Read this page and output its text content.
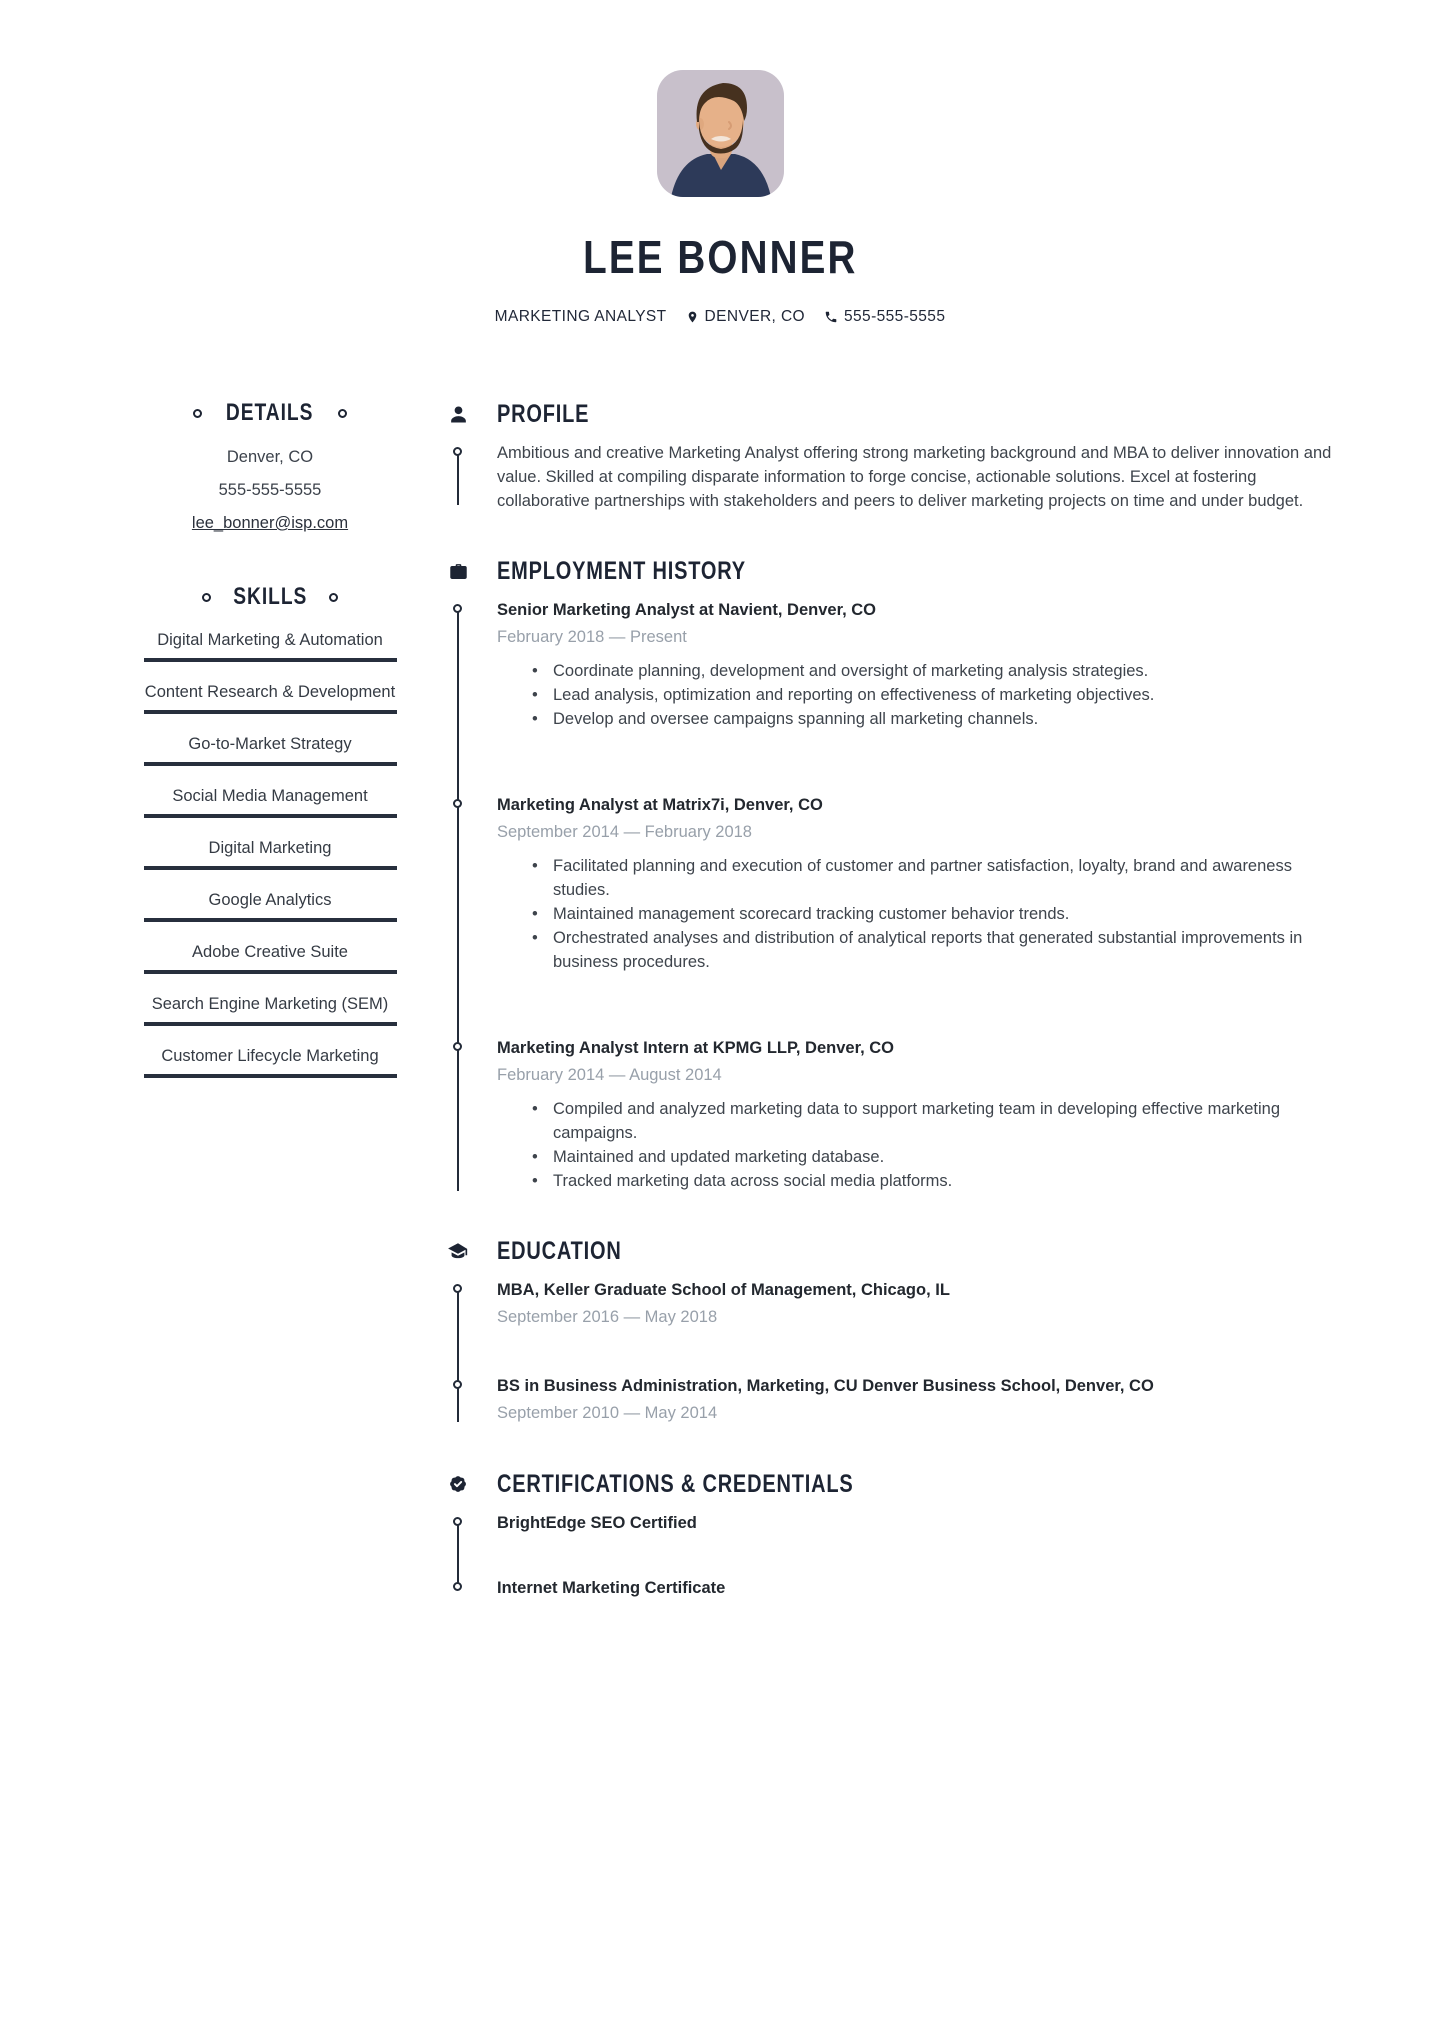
LEE BONNER
MARKETING ANALYST DENVER, CO	555-555-5555
DETAILS
Denver, CO
555-555-5555
lee_bonner@isp.com
SKILLS
Digital Marketing & Automation
Content Research & Development
Go-to-Market Strategy
Social Media Management
Digital Marketing
Google Analytics
Adobe Creative Suite
Search Engine Marketing (SEM)
Customer Lifecycle Marketing
PROFILE
Ambitious and creative Marketing Analyst offering strong marketing background and MBA to deliver innovation and value. Skilled at compiling disparate information to forge concise, actionable solutions. Excel at fostering collaborative partnerships with stakeholders and peers to deliver marketing projects on time and under budget.
EMPLOYMENT HISTORY
Senior Marketing Analyst at Navient, Denver, CO
February 2018 — Present
• Coordinate planning, development and oversight of marketing analysis strategies.
• Lead analysis, optimization and reporting on effectiveness of marketing objectives.
• Develop and oversee campaigns spanning all marketing channels.
Marketing Analyst at Matrix7i, Denver, CO
September 2014 — February 2018
• Facilitated planning and execution of customer and partner satisfaction, loyalty, brand and awareness studies.
• Maintained management scorecard tracking customer behavior trends.
• Orchestrated analyses and distribution of analytical reports that generated substantial improvements in business procedures.
Marketing Analyst Intern at KPMG LLP, Denver, CO
February 2014 — August 2014
• Compiled and analyzed marketing data to support marketing team in developing effective marketing campaigns.
• Maintained and updated marketing database.
• Tracked marketing data across social media platforms.
EDUCATION
MBA, Keller Graduate School of Management, Chicago, IL
September 2016 — May 2018
BS in Business Administration, Marketing, CU Denver Business School, Denver, CO
September 2010 — May 2014
CERTIFICATIONS & CREDENTIALS
BrightEdge SEO Certified
Internet Marketing Certificate
